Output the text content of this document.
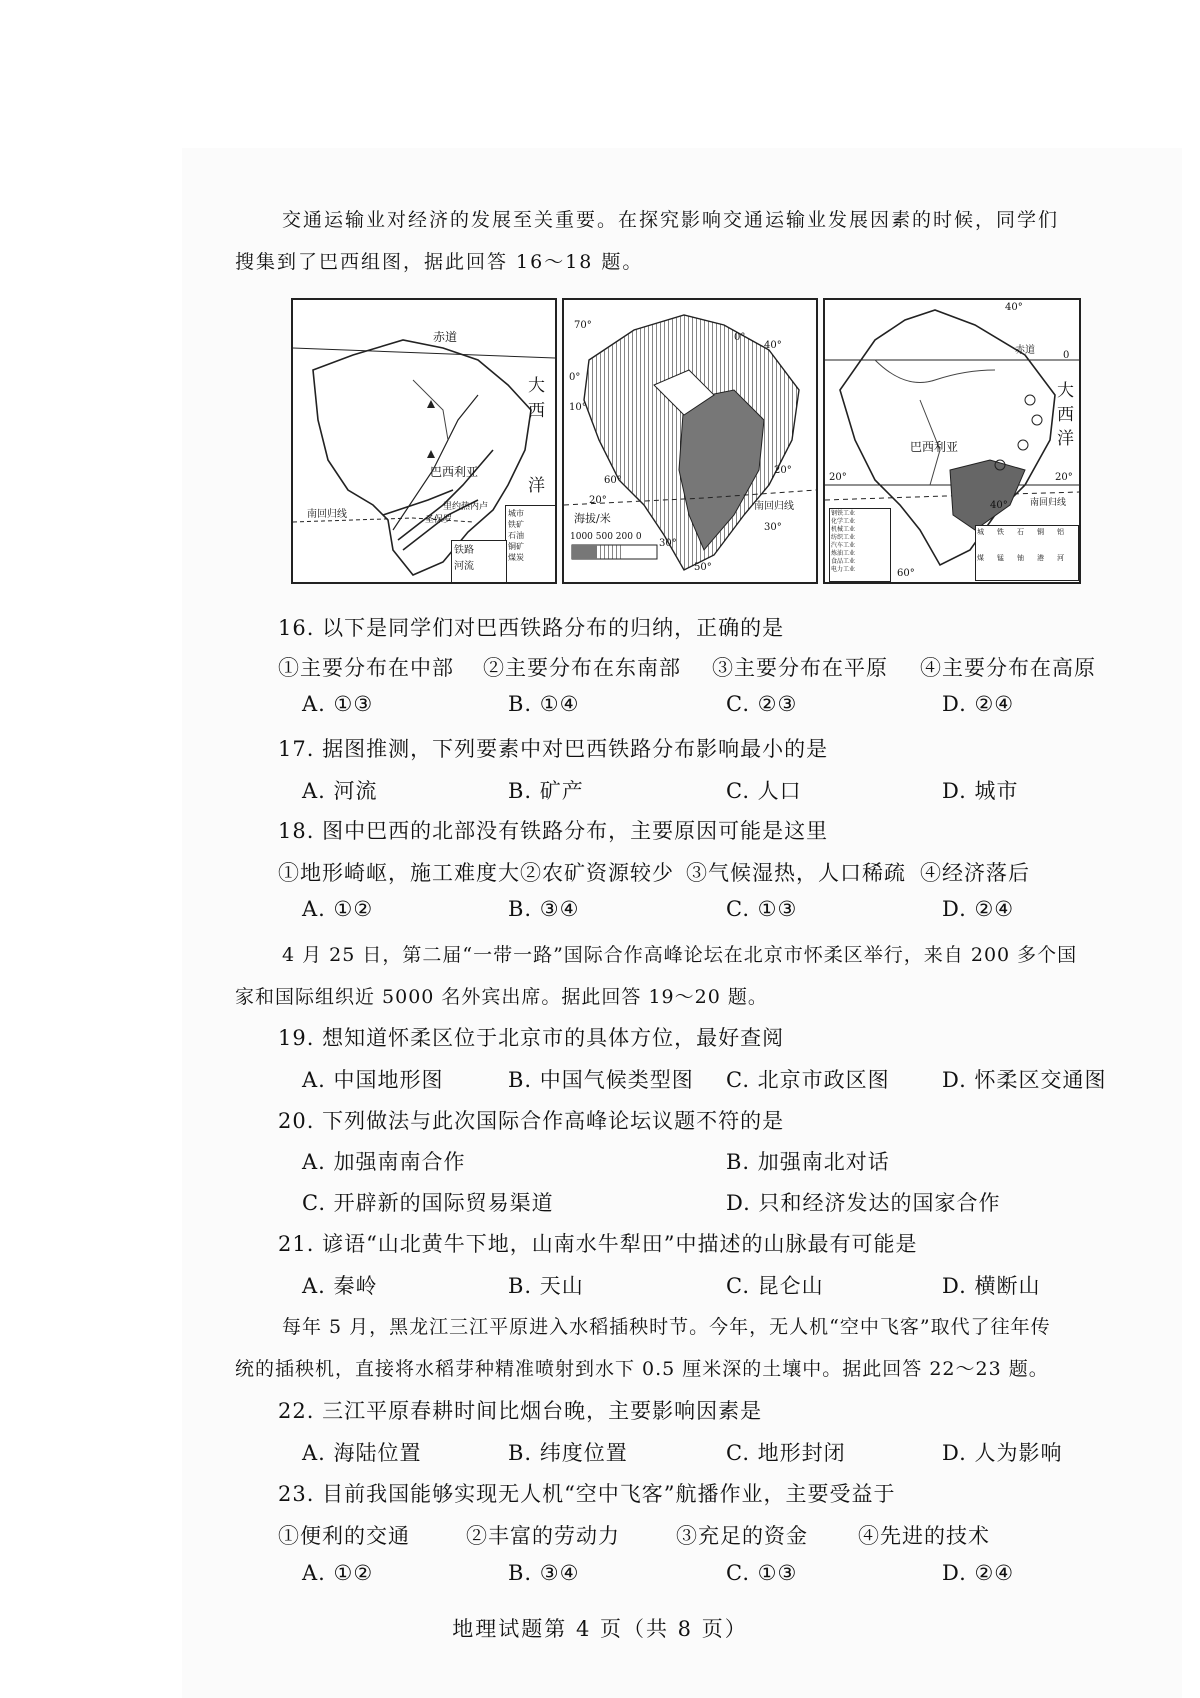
交通运输业对经济的发展至关重要。在探究影响交通运输业发展因素的时候，同学们
搜集到了巴西组图，据此回答 16～18 题。
赤道
大
西
洋
巴西利亚
南回归线
里约热内卢
圣保罗
城市
铁矿
石油
铜矿
煤炭
铁路
河流
70°
60°
0°
40°
0°
10°
20°
20°
30°
30°
50°
海拔/米
1000 500 200 0
南回归线
40°
赤道	0
大
西
洋
巴西利亚
20°	20°
40° 南回归线
60°
钢铁工业
化学工业
机械工业
纺织工业
汽车工业
炼油工业
食品工业
电力工业
城	铁	石	铜	铝
煤	锰	铀	港	河
16. 以下是同学们对巴西铁路分布的归纳，正确的是
①主要分布在中部 ②主要分布在东南部 ③主要分布在平原 ④主要分布在高原
A. ①③	B. ①④	C. ②③	D. ②④
17. 据图推测，下列要素中对巴西铁路分布影响最小的是
A. 河流	B. 矿产	C. 人口	D. 城市
18. 图中巴西的北部没有铁路分布，主要原因可能是这里
①地形崎岖，施工难度大 ②农矿资源较少 ③气候湿热，人口稀疏 ④经济落后
A. ①②	B. ③④	C. ①③	D. ②④
4 月 25 日，第二届“一带一路”国际合作高峰论坛在北京市怀柔区举行，来自 200 多个国
家和国际组织近 5000 名外宾出席。据此回答 19～20 题。
19. 想知道怀柔区位于北京市的具体方位，最好查阅
A. 中国地形图	B. 中国气候类型图 C. 北京市政区图 D. 怀柔区交通图
20. 下列做法与此次国际合作高峰论坛议题不符的是
A. 加强南南合作	B. 加强南北对话
C. 开辟新的国际贸易渠道	D. 只和经济发达的国家合作
21. 谚语“山北黄牛下地，山南水牛犁田”中描述的山脉最有可能是
A. 秦岭	B. 天山	C. 昆仑山	D. 横断山
每年 5 月，黑龙江三江平原进入水稻插秧时节。今年，无人机“空中飞客”取代了往年传
统的插秧机，直接将水稻芽种精准喷射到水下 0.5 厘米深的土壤中。据此回答 22～23 题。
22. 三江平原春耕时间比烟台晚，主要影响因素是
A. 海陆位置	B. 纬度位置	C. 地形封闭	D. 人为影响
23. 目前我国能够实现无人机“空中飞客”航播作业，主要受益于
①便利的交通	②丰富的劳动力	③充足的资金 ④先进的技术
A. ①②	B. ③④	C. ①③	D. ②④
地理试题第 4 页（共 8 页）
